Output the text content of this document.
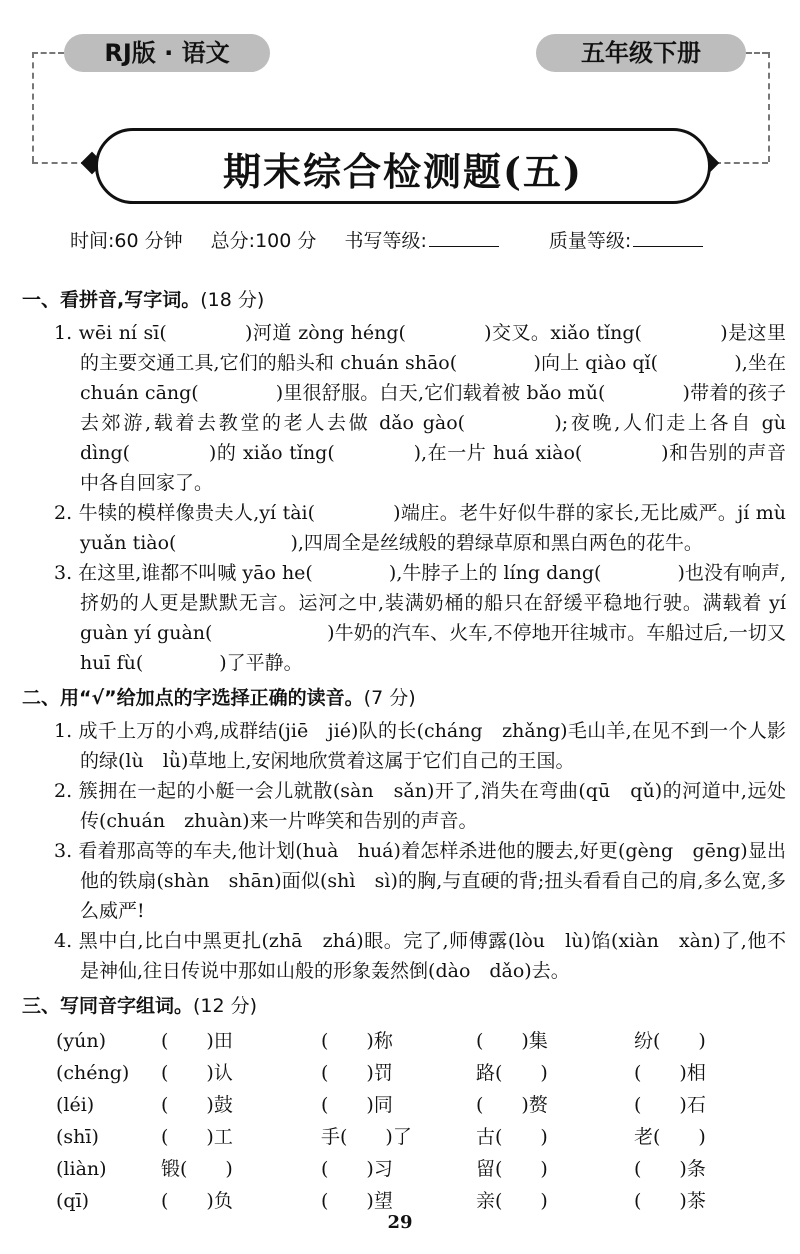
RJ版 · 语文	五年级下册
期末综合检测题(五)
时间:60 分钟 总分:100 分 书写等级:	质量等级:
一、看拼音,写字词。(18 分)

1. wēi ní sī(　　　　)河道 zòng héng(　　　　)交叉。xiǎo tǐng(　　　　)是这里的主要交通工具,它们的船头和 chuán shāo(　　　　)向上 qiào qǐ(　　　　),坐在 chuán cāng(　　　　)里很舒服。白天,它们载着被 bǎo mǔ(　　　　)带着的孩子去郊游,载着去教堂的老人去做 dǎo gào(　　　　);夜晚,人们走上各自 gù dìng(　　　　)的 xiǎo tǐng(　　　　),在一片 huá xiào(　　　　)和告别的声音中各自回家了。

2. 牛犊的模样像贵夫人,yí tài(　　　　)端庄。老牛好似牛群的家长,无比威严。jí mù yuǎn tiào(　　　　　　),四周全是丝绒般的碧绿草原和黑白两色的花牛。

3. 在这里,谁都不叫喊 yāo he(　　　　),牛脖子上的 líng dang(　　　　)也没有响声,挤奶的人更是默默无言。运河之中,装满奶桶的船只在舒缓平稳地行驶。满载着 yí guàn yí guàn(　　　　　　)牛奶的汽车、火车,不停地开往城市。车船过后,一切又 huī fù(　　　　)了平静。

二、用“√”给加点的字选择正确的读音。(7 分)

1. 成千上万的小鸡,成群结(jiē　jié)队的长(cháng　zhǎng)毛山羊,在见不到一个人影的绿(lù　lǜ)草地上,安闲地欣赏着这属于它们自己的王国。

2. 簇拥在一起的小艇一会儿就散(sàn　sǎn)开了,消失在弯曲(qū　qǔ)的河道中,远处传(chuán　zhuàn)来一片哗笑和告别的声音。

3. 看着那高等的车夫,他计划(huà　huá)着怎样杀进他的腰去,好更(gèng　gēng)显出他的铁扇(shàn　shān)面似(shì　sì)的胸,与直硬的背;扭头看看自己的肩,多么宽,多么威严!

4. 黑中白,比白中黑更扎(zhā　zhá)眼。完了,师傅露(lòu　lù)馅(xiàn　xàn)了,他不是神仙,往日传说中那如山般的形象轰然倒(dào　dǎo)去。

三、写同音字组词。(12 分)
(yún)	(　　)田	(　　)称	(　　)集	纷(　　)
(chéng)	(　　)认	(　　)罚	路(　　)	(　　)相
(léi)	(　　)鼓	(　　)同	(　　)赘	(　　)石
(shī)	(　　)工	手(　　)了	古(　　)	老(　　)
(liàn)	锻(　　)	(　　)习	留(　　)	(　　)条
(qī)	(　　)负	(　　)望	亲(　　)	(　　)茶
29
